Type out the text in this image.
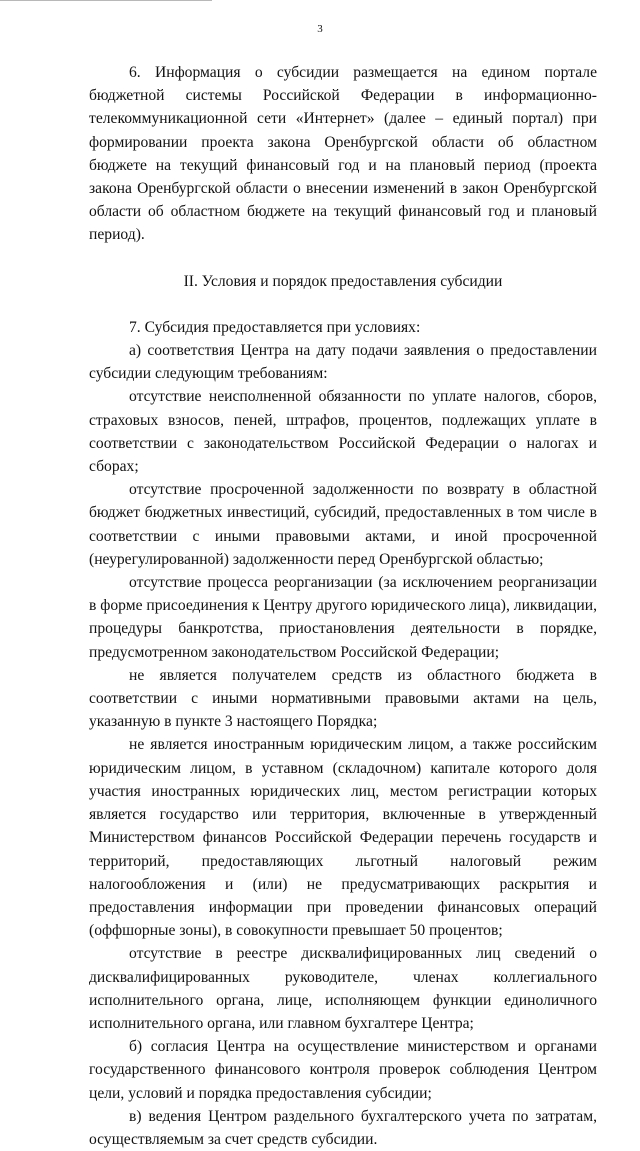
3

6. Информация о субсидии размещается на едином портале бюджетной системы Российской Федерации в информационно-телекоммуникационной сети «Интернет» (далее – единый портал) при формировании проекта закона Оренбургской области об областном бюджете на текущий финансовый год и на плановый период (проекта закона Оренбургской области о внесении изменений в закон Оренбургской области об областном бюджете на текущий финансовый год и плановый период).

II. Условия и порядок предоставления субсидии

7. Субсидия предоставляется при условиях:

а) соответствия Центра на дату подачи заявления о предоставлении субсидии следующим требованиям:

отсутствие неисполненной обязанности по уплате налогов, сборов, страховых взносов, пеней, штрафов, процентов, подлежащих уплате в соответствии с законодательством Российской Федерации о налогах и сборах;

отсутствие просроченной задолженности по возврату в областной бюджет бюджетных инвестиций, субсидий, предоставленных в том числе в соответствии с иными правовыми актами, и иной просроченной (неурегулированной) задолженности перед Оренбургской областью;

отсутствие процесса реорганизации (за исключением реорганизации в форме присоединения к Центру другого юридического лица), ликвидации, процедуры банкротства, приостановления деятельности в порядке, предусмотренном законодательством Российской Федерации;

не является получателем средств из областного бюджета в соответствии с иными нормативными правовыми актами на цель, указанную в пункте 3 настоящего Порядка;

не является иностранным юридическим лицом, а также российским юридическим лицом, в уставном (складочном) капитале которого доля участия иностранных юридических лиц, местом регистрации которых является государство или территория, включенные в утвержденный Министерством финансов Российской Федерации перечень государств и территорий, предоставляющих льготный налоговый режим налогообложения и (или) не предусматривающих раскрытия и предоставления информации при проведении финансовых операций (оффшорные зоны), в совокупности превышает 50 процентов;

отсутствие в реестре дисквалифицированных лиц сведений о дисквалифицированных руководителе, членах коллегиального исполнительного органа, лице, исполняющем функции единоличного исполнительного органа, или главном бухгалтере Центра;

б) согласия Центра на осуществление министерством и органами государственного финансового контроля проверок соблюдения Центром цели, условий и порядка предоставления субсидии;

в) ведения Центром раздельного бухгалтерского учета по затратам, осуществляемым за счет средств субсидии.
